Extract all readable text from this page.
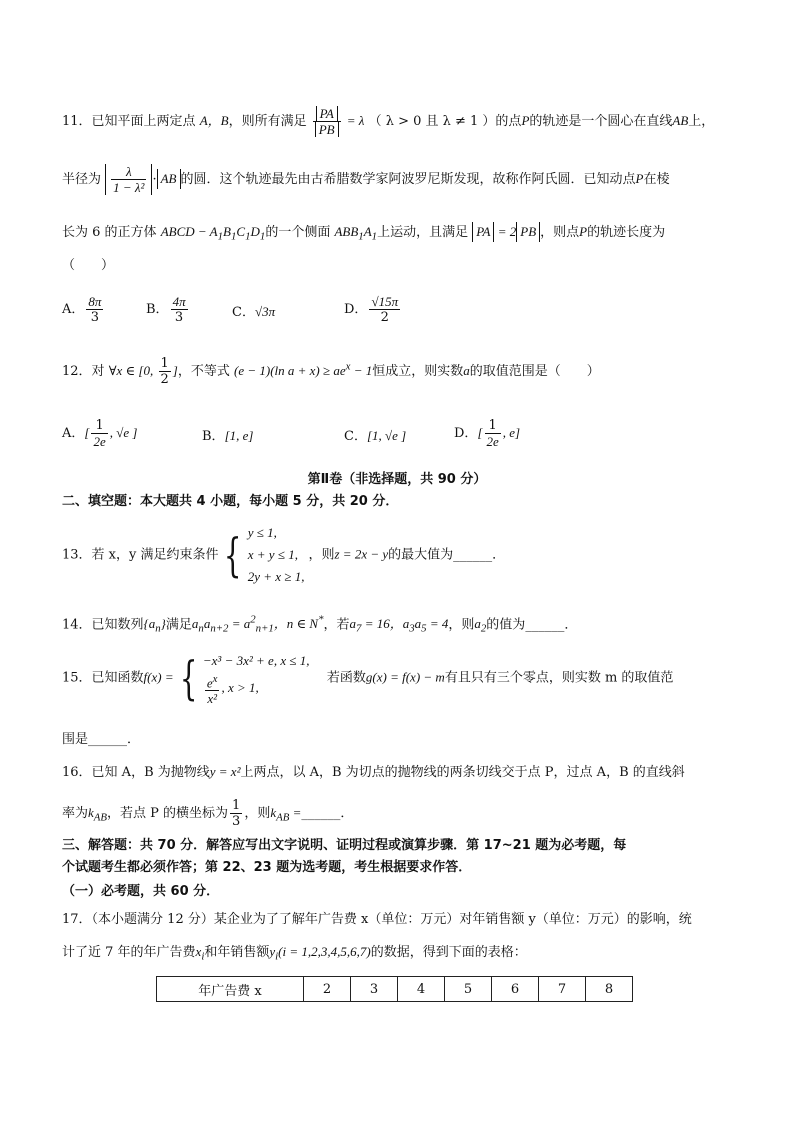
11．已知平面上两定点 A，B，则所有满足 $\frac{PA}{PB} = \lambda$ （ λ > 0 且 λ ≠ 1 ）的点P的轨迹是一个圆心在直线AB上，
半径为 $\frac{\lambda}{\text{1 − λ²}}$ · AB 的圆．这个轨迹最先由古希腊数学家阿波罗尼斯发现，故称作阿氏圆．已知动点P在棱
长为 6 的正方体 ABCD − $A_1B_1C_1D_1$的一个侧面 $ABB_1A_1$上运动，且满足 PA = 2 PB ，则点P的轨迹长度为
（　　）
A． $\frac{8\pi}{3}$	B． $\frac{4\pi}{3}$	C．√3π	D． $\frac{√15\pi}{2}$
12．对 ∀x ∈ [0, $\frac{1}{2}$ ]，不等式 (e − 1)(ln $a + x) \ge ae^x - 1$恒成立，则实数a的取值范围是（　　）
A．[ $\frac{1}{2e}$ , √e ]	B．[1, e]	C．[1, √e ]	D．[ $\frac{1}{2e}$ , e]
第Ⅱ卷（非选择题，共 90 分）
二、填空题：本大题共 4 小题，每小题 5 分，共 20 分．
13．若 x，y 满足约束条件 { y ≤ 1,
x + y ≤ 1,
2y + x ≥ 1,
，则z = 2x − y的最大值为______．
14．已知数列$\{a_n\}$满足$a_na_{n+2} = a^2_{n+1}$，n ∈ N*，若$a_7 = 16$，$a_3a_5 = 4$，则$a_2$的值为______．
15．已知函数f(x) = { −x³ − 3x² + e, x ≤ 1,
$\frac{e^x}{\text{x²}}$ , x > 1,
若函数g(x) = f(x) − m有且只有三个零点，则实数 m 的取值范
围是______．
16．已知 A，B 为抛物线y = x²上两点，以 A，B 为切点的抛物线的两条切线交于点 P，过点 A，B 的直线斜
率为$k_{AB}$，若点 P 的横坐标为 $\frac{1}{3}$ ，则$k_{AB}$ =______．
三、解答题：共 70 分．解答应写出文字说明、证明过程或演算步骤．第 17~21 题为必考题，每
个试题考生都必须作答；第 22、23 题为选考题，考生根据要求作答．
（一）必考题，共 60 分．
17．（本小题满分 12 分）某企业为了了解年广告费 x（单位：万元）对年销售额 y（单位：万元）的影响，统
计了近 7 年的年广告费$x_i$和年销售额$y_i(i = 1,2,3,4,5,6,7)$的数据，得到下面的表格：
年广告费 x	2	3	4	5	6	7	8
